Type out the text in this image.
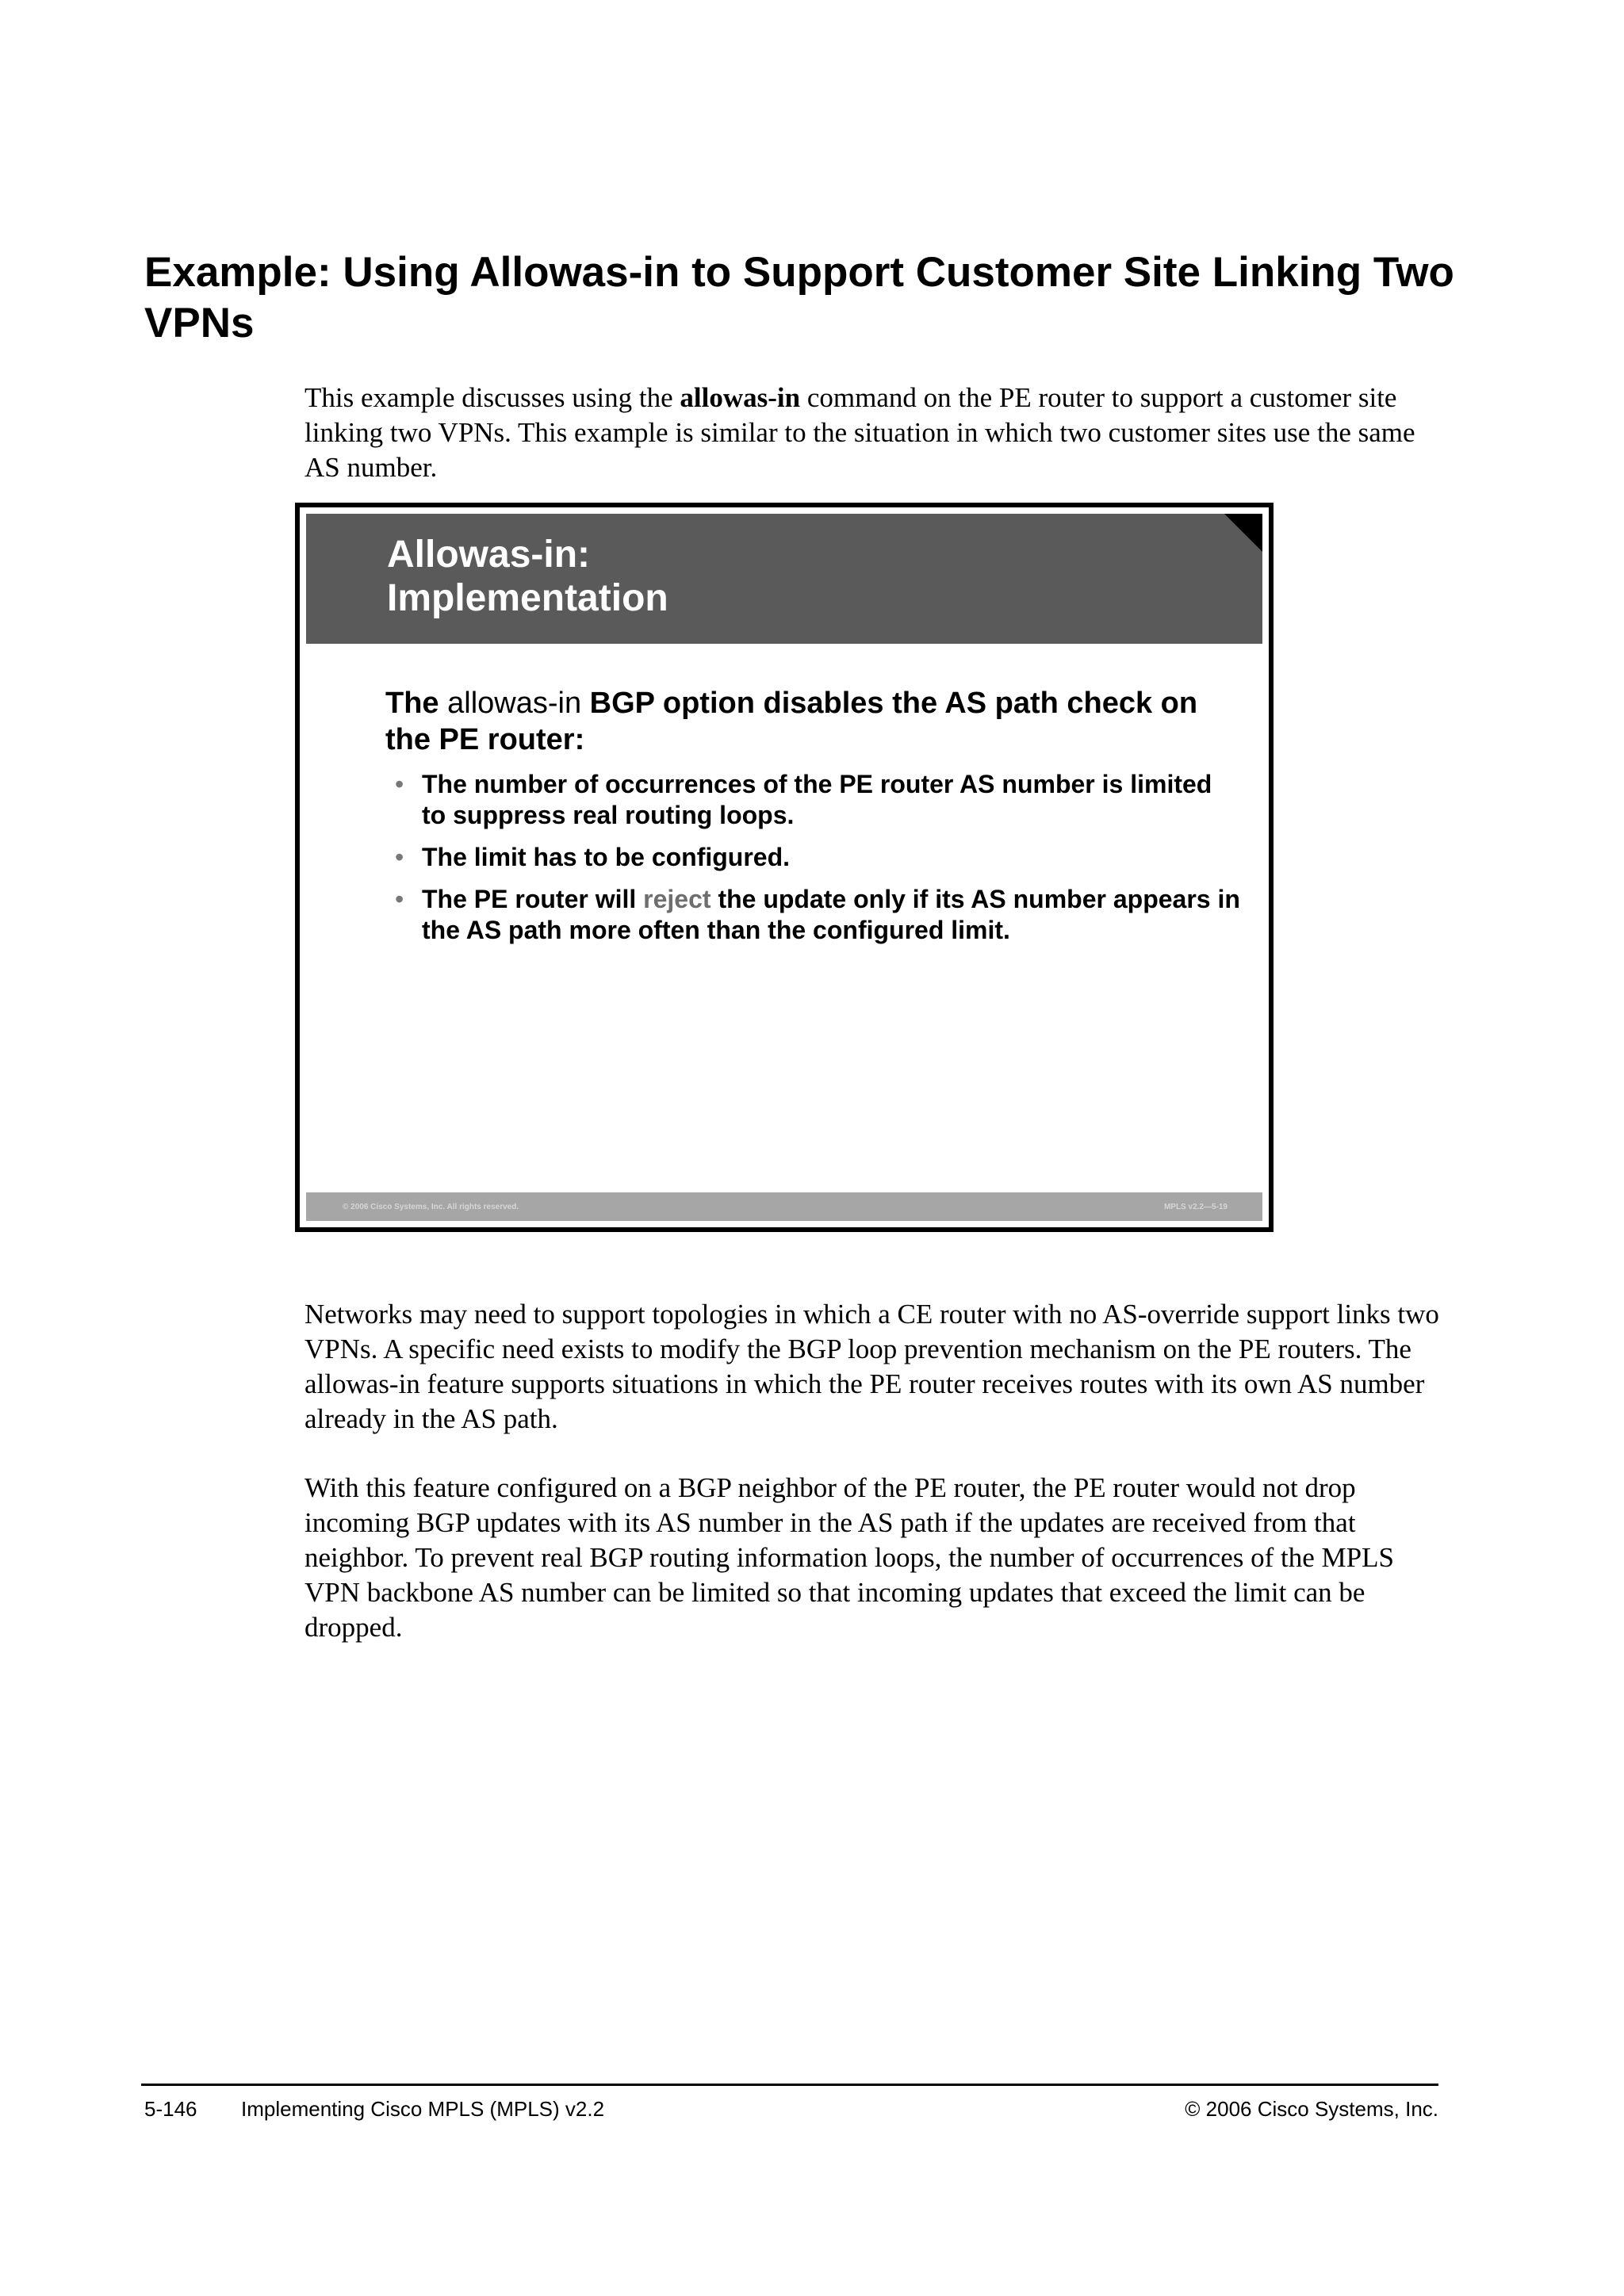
Example: Using Allowas-in to Support Customer Site Linking Two VPNs

This example discusses using the allowas-in command on the PE router to support a customer site linking two VPNs. This example is similar to the situation in which two customer sites use the same AS number.

Allowas-in:
Implementation

The allowas-in BGP option disables the AS path check on the PE router:

• The number of occurrences of the PE router AS number is limited to suppress real routing loops.
• The limit has to be configured.
• The PE router will reject the update only if its AS number appears in the AS path more often than the configured limit.
© 2006 Cisco Systems, Inc. All rights reserved.	MPLS v2.2—5-19

Networks may need to support topologies in which a CE router with no AS-override support links two VPNs. A specific need exists to modify the BGP loop prevention mechanism on the PE routers. The allowas-in feature supports situations in which the PE router receives routes with its own AS number already in the AS path.

With this feature configured on a BGP neighbor of the PE router, the PE router would not drop incoming BGP updates with its AS number in the AS path if the updates are received from that neighbor. To prevent real BGP routing information loops, the number of occurrences of the MPLS VPN backbone AS number can be limited so that incoming updates that exceed the limit can be dropped.

5-146 Implementing Cisco MPLS (MPLS) v2.2	© 2006 Cisco Systems, Inc.
